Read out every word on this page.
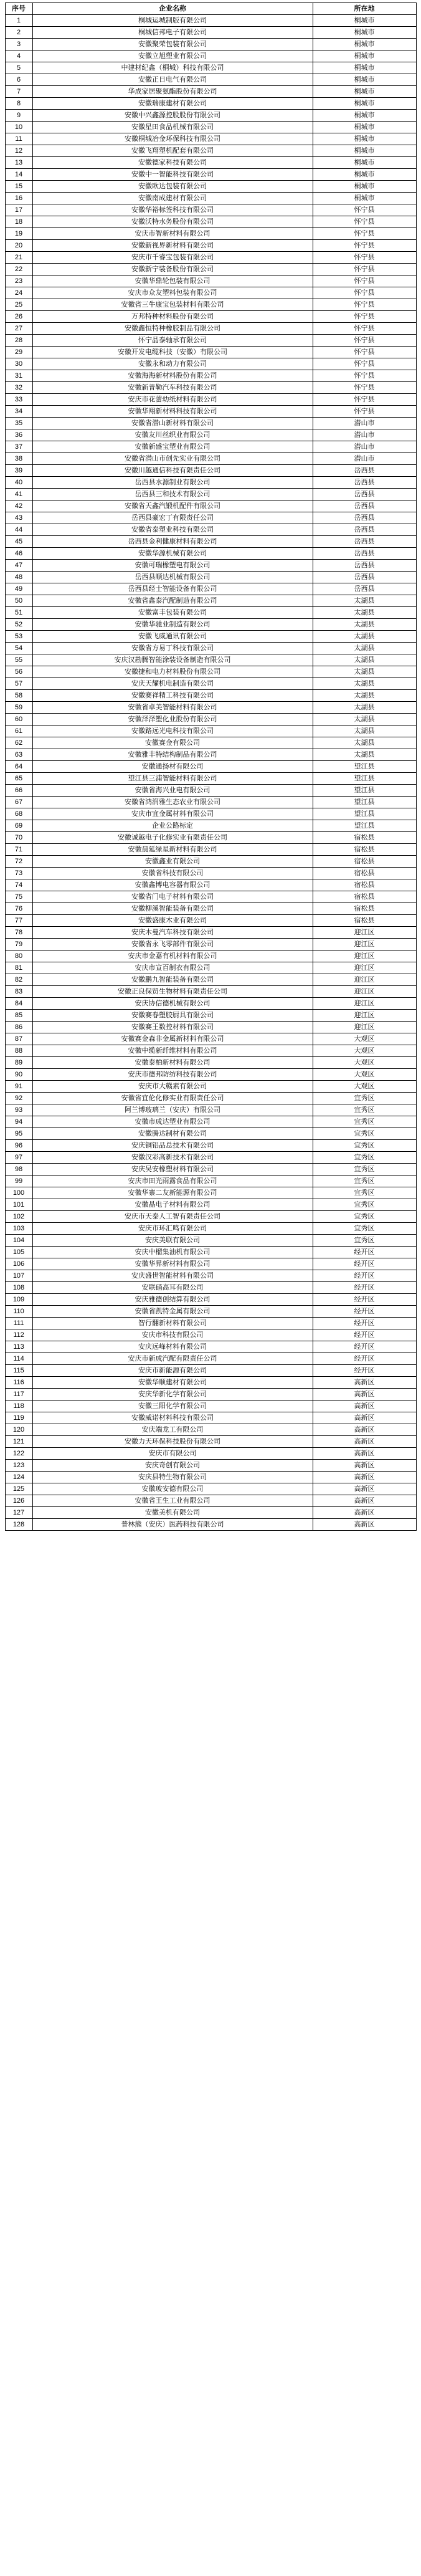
序号	企业名称	所在地
1	桐城运城制版有限公司	桐城市
2	桐城信邦电子有限公司	桐城市
3	安徽聚荣包装有限公司	桐城市
4	安徽立旭塑业有限公司	桐城市
5	中建材纪鑫（桐城）科技有限公司	桐城市
6	安徽正日电气有限公司	桐城市
7	华成家居聚氨酯股份有限公司	桐城市
8	安徽瑞康建材有限公司	桐城市
9	安徽中兴鑫源控股股份有限公司	桐城市
10	安徽星田食品机械有限公司	桐城市
11	安徽桐城冶金环保科技有限公司	桐城市
12	安徽飞翔塑机配套有限公司	桐城市
13	安徽德家科技有限公司	桐城市
14	安徽中一智能科技有限公司	桐城市
15	安徽欧达包装有限公司	桐城市
16	安徽南成建材有限公司	桐城市
17	安徽华裕标签科技有限公司	怀宁县
18	安徽沃特水务股份有限公司	怀宁县
19	安庆市智新材料有限公司	怀宁县
20	安徽新视界新材料有限公司	怀宁县
21	安庆市千睿宝包装有限公司	怀宁县
22	安徽新宁装备股份有限公司	怀宁县
23	安徽华鼎轮包装有限公司	怀宁县
24	安庆市众友塑料包装有限公司	怀宁县
25	安徽省三牛康宝包装材料有限公司	怀宁县
26	万邦特种材料股份有限公司	怀宁县
27	安徽鑫恒特种橡胶制品有限公司	怀宁县
28	怀宁晶泰轴承有限公司	怀宁县
29	安徽开发电缆科技（安徽）有限公司	怀宁县
30	安徽永和动力有限公司	怀宁县
31	安徽海海新材料股份有限公司	怀宁县
32	安徽新普勒汽车科技有限公司	怀宁县
33	安庆市花蕾幼纸材料有限公司	怀宁县
34	安徽华翔新材料科技有限公司	怀宁县
35	安徽省潜山新材料有限公司	潜山市
36	安徽友川丝织业有限公司	潜山市
37	安徽新盛宝塑业有限公司	潜山市
38	安徽省潜山市创先实业有限公司	潜山市
39	安徽川越通信科技有限责任公司	岳西县
40	岳西县水源制业有限公司	岳西县
41	岳西县三和技术有限公司	岳西县
42	安徽省天鑫汽锻机配件有限公司	岳西县
43	岳西县豪宏丁有限责任公司	岳西县
44	安徽省泰塑业科技有限公司	岳西县
45	岳西县金利健康材料有限公司	岳西县
46	安徽华源机械有限公司	岳西县
47	安徽可瑞橡塑电有限公司	岳西县
48	岳西县顺达机械有限公司	岳西县
49	岳西县经士智能设备有限公司	岳西县
50	安徽省鑫泰汽配制造有限公司	太湖县
51	安徽富丰包装有限公司	太湖县
52	安徽华驰业制造有限公司	太湖县
53	安徽飞威通讯有限公司	太湖县
54	安徽省方易丁科技有限公司	太湖县
55	安庆汉勘腾智能涂装设备制造有限公司	太湖县
56	安徽捷和电力材料股份有限公司	太湖县
57	安庆天耀机电制造有限公司	太湖县
58	安徽赛祥精工科技有限公司	太湖县
59	安徽省卓美智能材料有限公司	太湖县
60	安徽泽泽塑化业股份有限公司	太湖县
61	安徽路远光电科技有限公司	太湖县
62	安徽赛金有限公司	太湖县
63	安徽雅丰特结构制品有限公司	太湖县
64	安徽通扬材有限公司	望江县
65	望江县三浦智能材料有限公司	望江县
66	安徽省海兴业电有限公司	望江县
67	安徽省鸿润雅生态农业有限公司	望江县
68	安庆市宜金属材料有限公司	望江县
69	企业公路标定	望江县
70	安徽诚越电子化修实业有限责任公司	宿松县
71	安徽晨延绿星新材料有限公司	宿松县
72	安徽鑫业有限公司	宿松县
73	安徽省科技有限公司	宿松县
74	安徽鑫博电容器有限公司	宿松县
75	安徽省门电子材料有限公司	宿松县
76	安徽柳溪智能装备有限公司	宿松县
77	安徽盛康木业有限公司	宿松县
78	安庆木曼汽车科技有限公司	迎江区
79	安徽省永飞零部件有限公司	迎江区
80	安庆市金嘉有机材料有限公司	迎江区
81	安庆市宣百制衣有限公司	迎江区
82	安徽鹏九智能装备有限公司	迎江区
83	安徽正良保贸生物材料有限责任公司	迎江区
84	安庆协信德机械有限公司	迎江区
85	安徽赛春塑胶厨具有限公司	迎江区
86	安徽赛王数控材料有限公司	迎江区
87	安徽赛金森非金属新材料有限公司	大观区
88	安徽中缆新纤维材料有限公司	大观区
89	安徽泰柏新材料有限公司	大观区
90	安庆市德邦防纺科技有限公司	大观区
91	安庆市大赣素有限公司	大观区
92	安徽省宜伦化修实业有限责任公司	宜秀区
93	阿兰博玻璃兰（安庆）有限公司	宜秀区
94	安徽市成达塑业有限公司	宜秀区
95	安徽腾达制材有限公司	宜秀区
96	安庆铜铝品总技术有限公司	宜秀区
97	安徽汉彩高新技术有限公司	宜秀区
98	安庆吴安橡塑材料有限公司	宜秀区
99	安庆市田光雨露食品有限公司	宜秀区
100	安徽华寨二友新能源有限公司	宜秀区
101	安徽晶电子材料有限公司	宜秀区
102	安庆市天泰人工智有限责任公司	宜秀区
103	安庆市环汇鸣有限公司	宜秀区
104	安庆美联有限公司	宜秀区
105	安庆中榴集油机有限公司	经开区
106	安徽华昇新材料有限公司	经开区
107	安庆盛世智能材料有限公司	经开区
108	安联硝高耳有限公司	经开区
109	安庆雅德创结算有限公司	经开区
110	安徽省凯特金属有限公司	经开区
111	智行翻新材料有限公司	经开区
112	安庆市科技有限公司	经开区
113	安庆远峰材料有限公司	经开区
114	安庆市新成汽配有限责任公司	经开区
115	安庆市新能源有限公司	经开区
116	安徽华顺建材有限公司	高新区
117	安庆华新化学有限公司	高新区
118	安徽三阳化学有限公司	高新区
119	安徽威诺材料科技有限公司	高新区
120	安庆端龙工有限公司	高新区
121	安徽力天环保科技股份有限公司	高新区
122	安庆市有限公司	高新区
123	安庆奇创有限公司	高新区
124	安庆县特生物有限公司	高新区
125	安徽玻安德有限公司	高新区
126	安徽省王生工业有限公司	高新区
127	安徽美机有限公司	高新区
128	普林熊（安庆）医药科技有限公司	高新区
